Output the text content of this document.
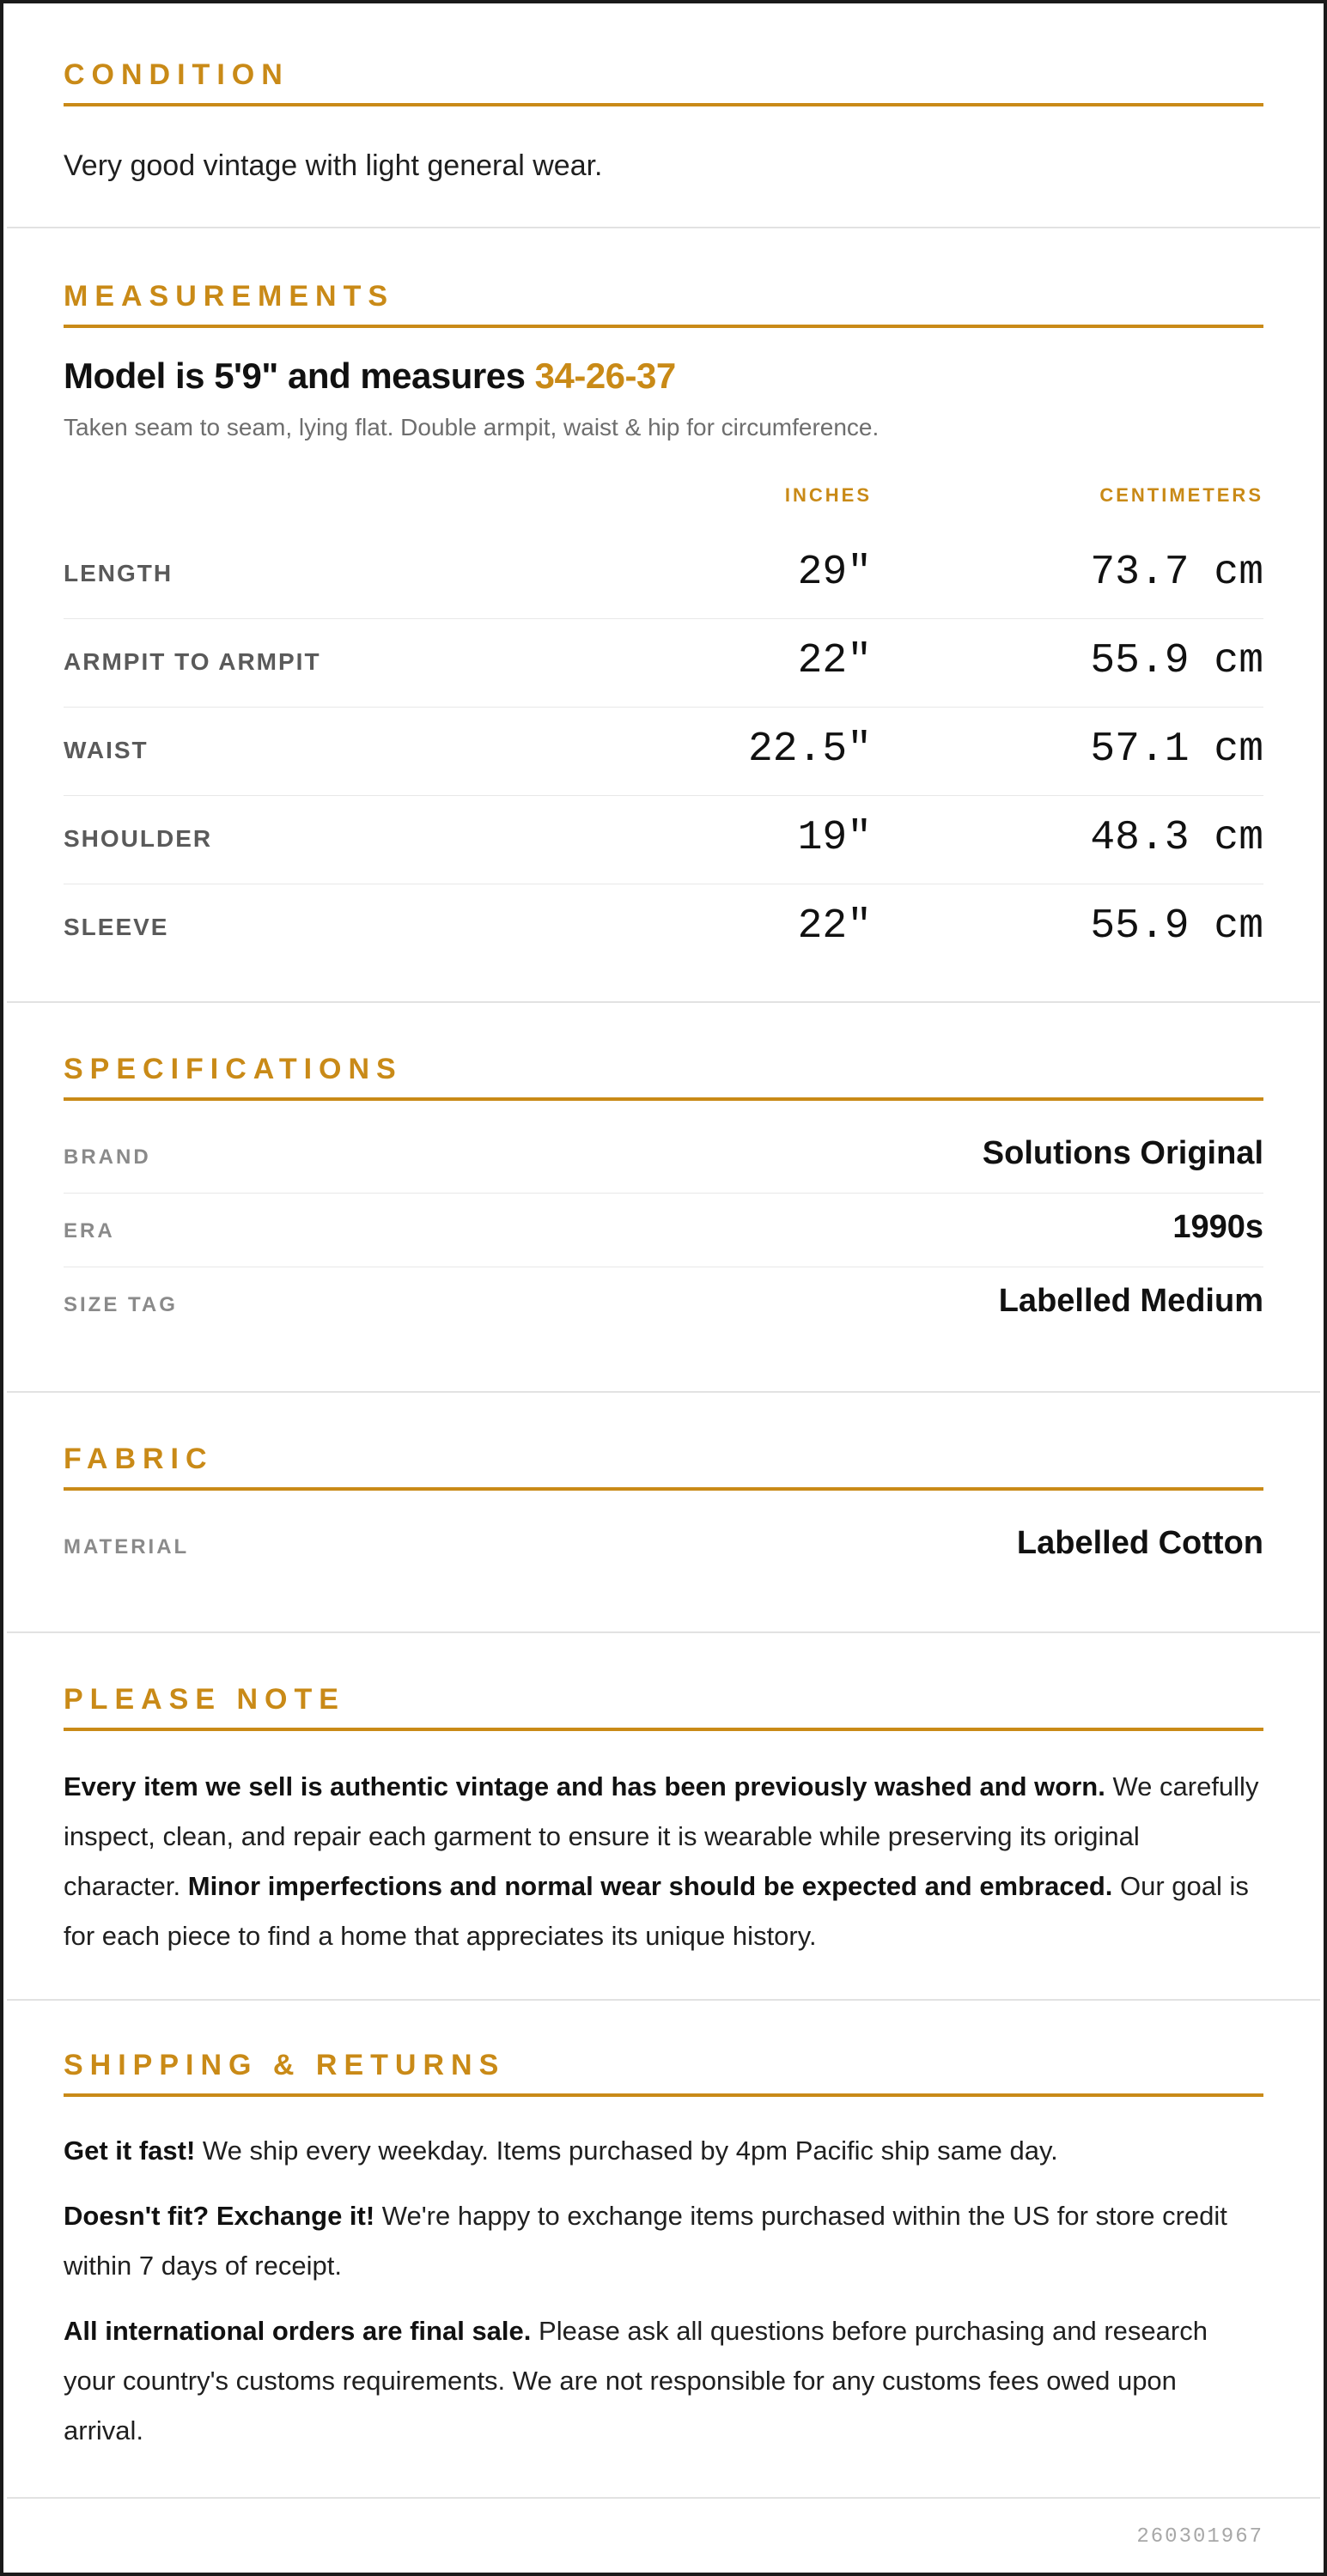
CONDITION
Very good vintage with light general wear.
MEASUREMENTS
Model is 5'9" and measures 34-26-37
Taken seam to seam, lying flat. Double armpit, waist & hip for circumference.
INCHES	CENTIMETERS
LENGTH	29"	73.7 cm
ARMPIT TO ARMPIT	22"	55.9 cm
WAIST	22.5"	57.1 cm
SHOULDER	19"	48.3 cm
SLEEVE	22"	55.9 cm
SPECIFICATIONS
BRAND	Solutions Original
ERA	1990s
SIZE TAG	Labelled Medium
FABRIC
MATERIAL	Labelled Cotton
PLEASE NOTE

Every item we sell is authentic vintage and has been previously washed and worn. We carefully inspect, clean, and repair each garment to ensure it is wearable while preserving its original character. Minor imperfections and normal wear should be expected and embraced. Our goal is for each piece to find a home that appreciates its unique history.

SHIPPING & RETURNS

Get it fast! We ship every weekday. Items purchased by 4pm Pacific ship same day.

Doesn't fit? Exchange it! We're happy to exchange items purchased within the US for store credit within 7 days of receipt.

All international orders are final sale. Please ask all questions before purchasing and research your country's customs requirements. We are not responsible for any customs fees owed upon arrival.

260301967
